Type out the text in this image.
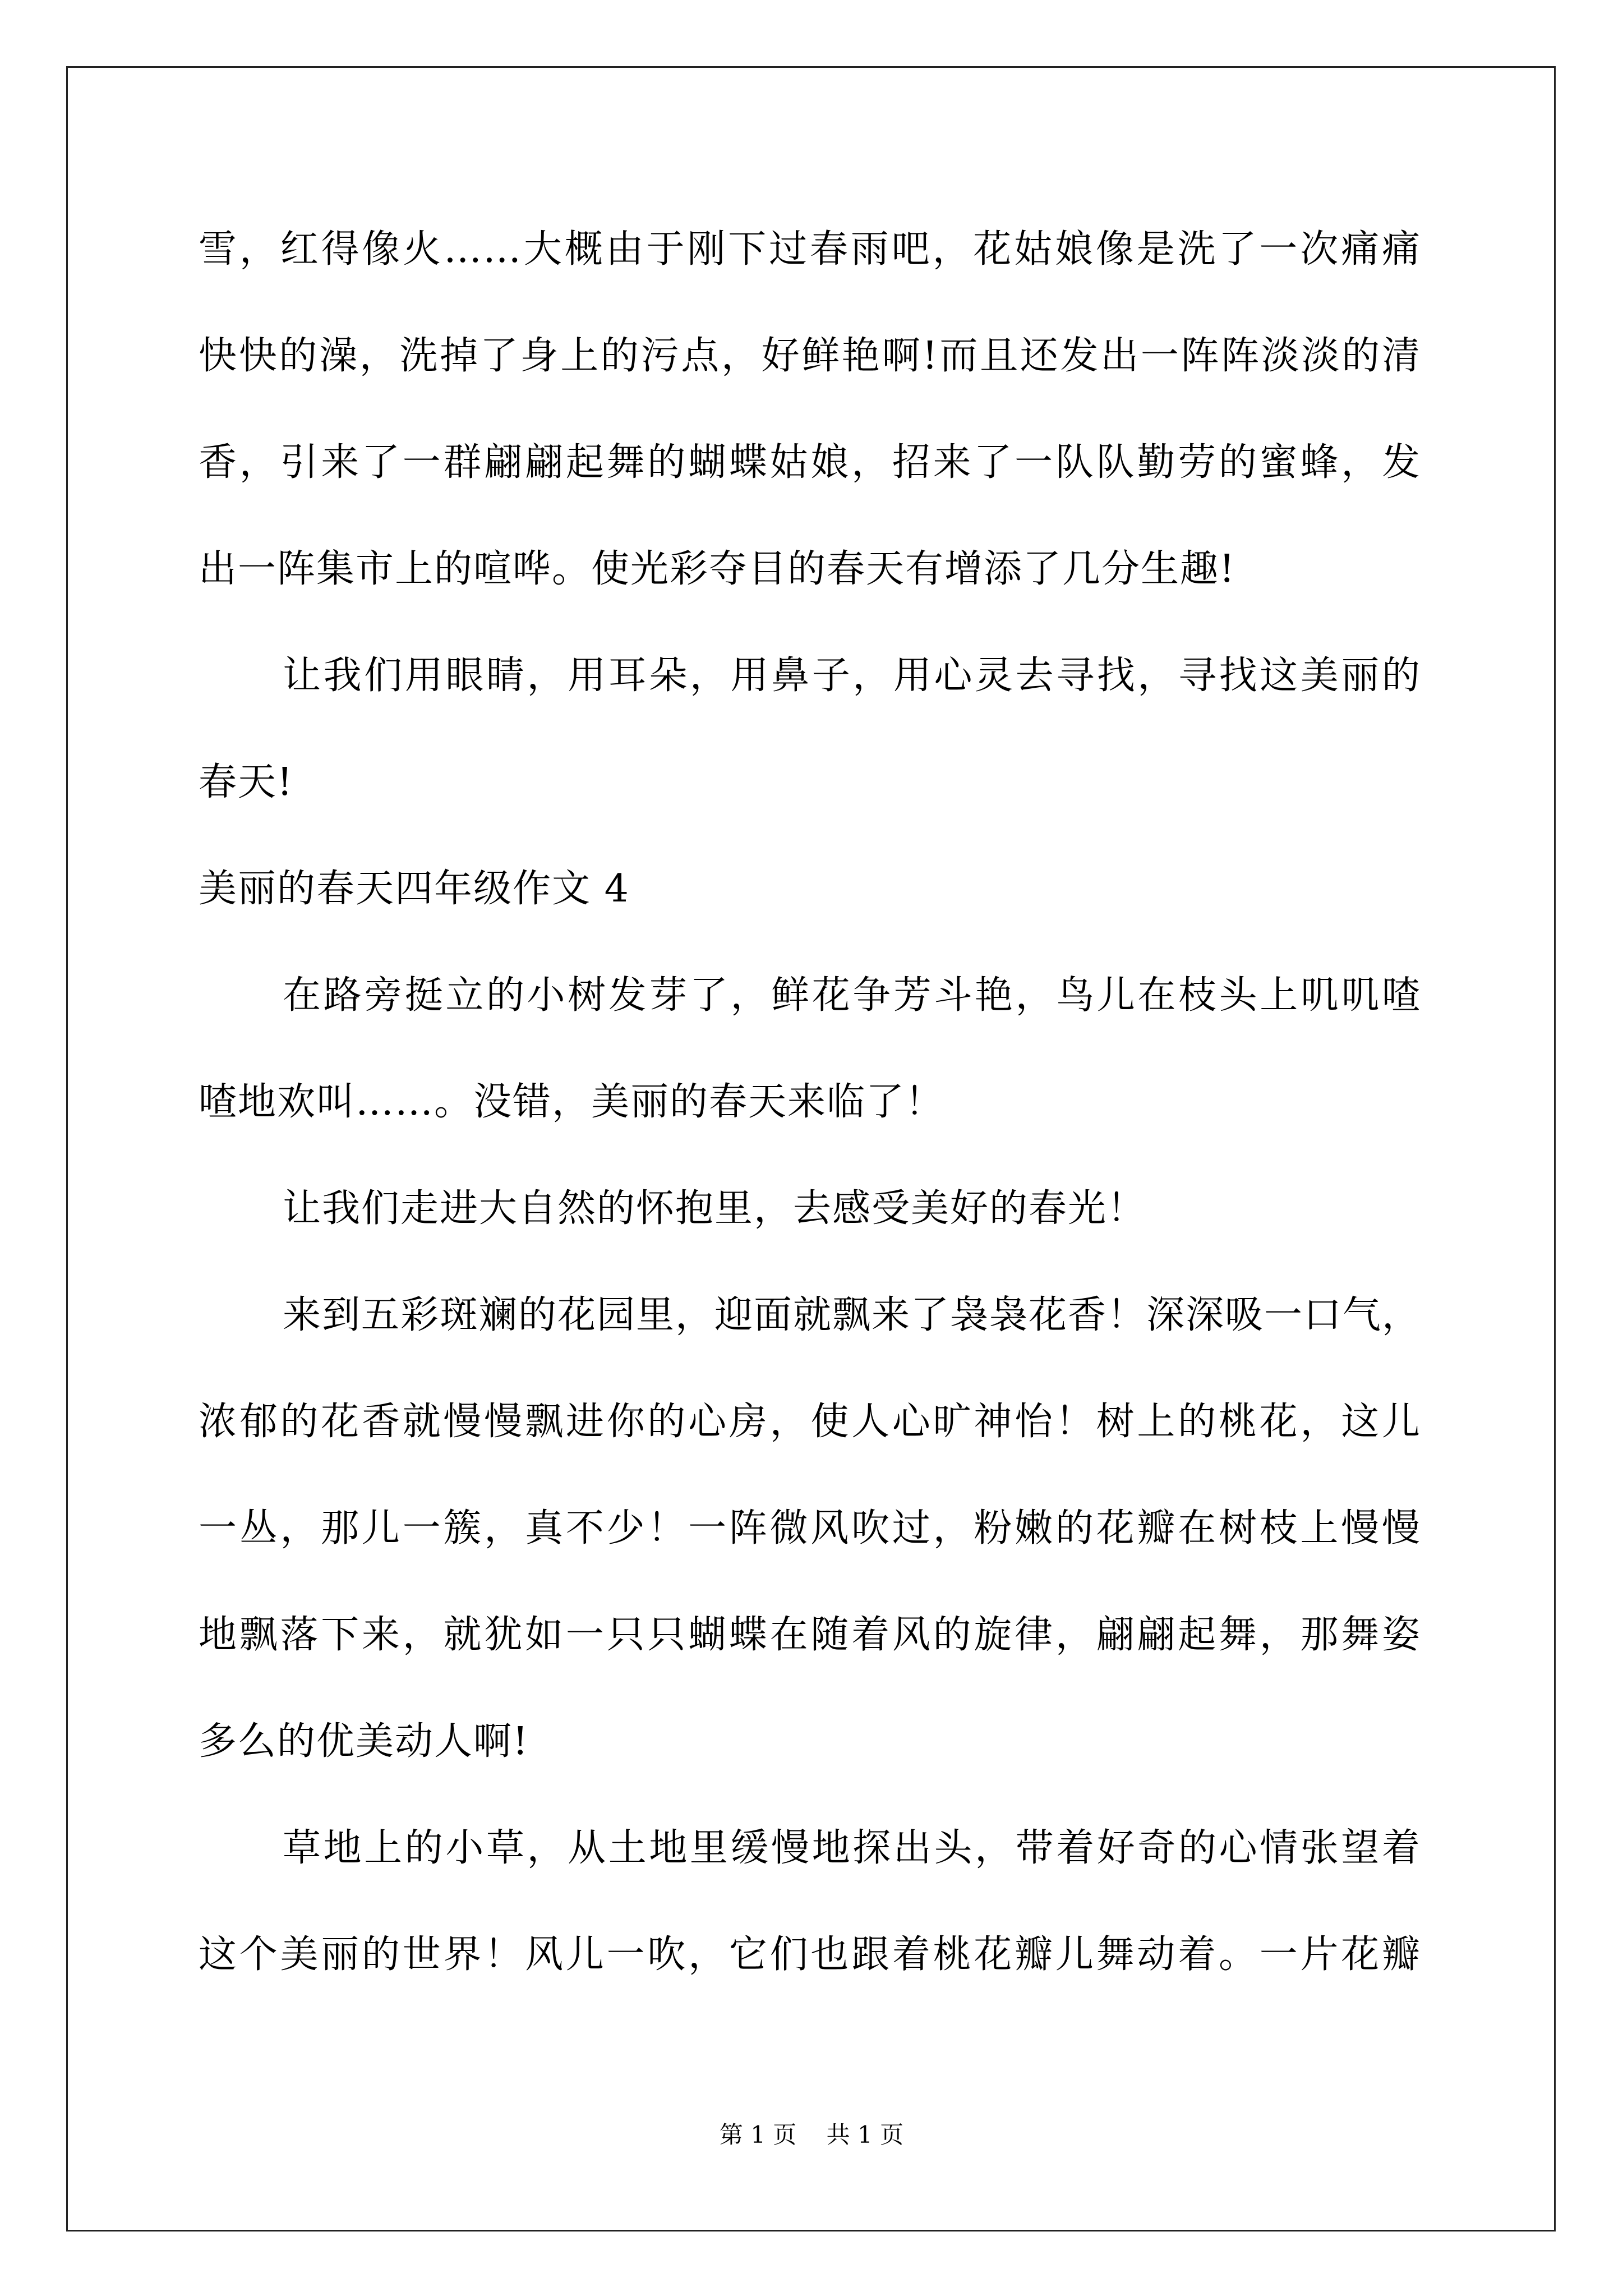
雪，红得像火……大概由于刚下过春雨吧，花姑娘像是洗了一次痛痛
快快的澡，洗掉了身上的污点，好鲜艳啊!而且还发出一阵阵淡淡的清
香，引来了一群翩翩起舞的蝴蝶姑娘，招来了一队队勤劳的蜜蜂，发
出一阵集市上的喧哗。使光彩夺目的春天有增添了几分生趣!
让我们用眼睛，用耳朵，用鼻子，用心灵去寻找，寻找这美丽的
春天!
美丽的春天四年级作文 4
在路旁挺立的小树发芽了，鲜花争芳斗艳，鸟儿在枝头上叽叽喳
喳地欢叫……。没错，美丽的春天来临了！
让我们走进大自然的怀抱里，去感受美好的春光！
来到五彩斑斓的花园里，迎面就飘来了袅袅花香！深深吸一口气，
浓郁的花香就慢慢飘进你的心房，使人心旷神怡！树上的桃花，这儿
一丛，那儿一簇，真不少！一阵微风吹过，粉嫩的花瓣在树枝上慢慢
地飘落下来，就犹如一只只蝴蝶在随着风的旋律，翩翩起舞，那舞姿
多么的优美动人啊!
草地上的小草，从土地里缓慢地探出头，带着好奇的心情张望着
这个美丽的世界！风儿一吹，它们也跟着桃花瓣儿舞动着。一片花瓣
第 1 页 共 1 页
